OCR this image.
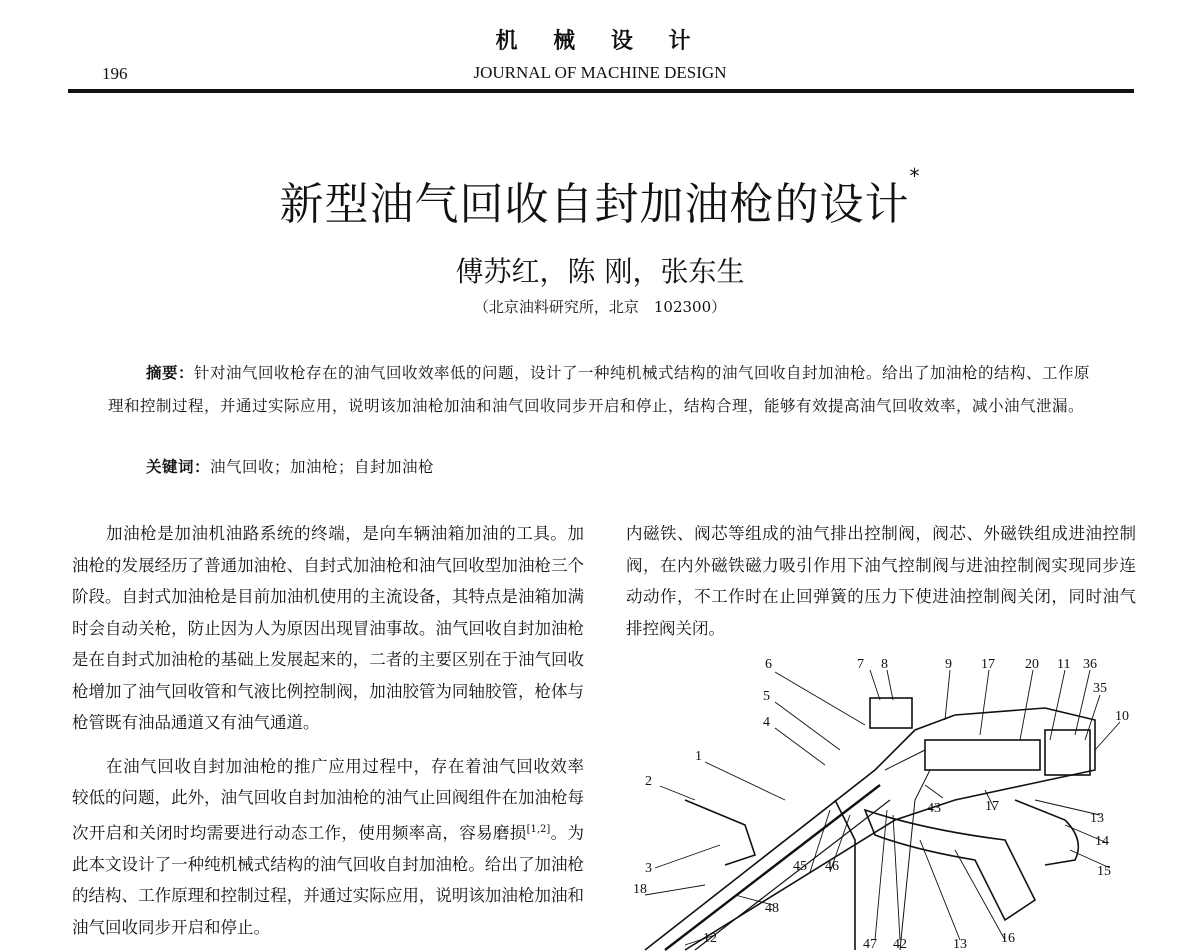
机 械 设 计
196	JOURNAL OF MACHINE DESIGN
新型油气回收自封加油枪的设计*
傅苏红，陈 刚，张东生
（北京油料研究所，北京　102300）
摘要：针对油气回收枪存在的油气回收效率低的问题，设计了一种纯机械式结构的油气回收自封加油枪。给出了加油枪的结构、工作原理和控制过程，并通过实际应用，说明该加油枪加油和油气回收同步开启和停止，结构合理，能够有效提高油气回收效率，减小油气泄漏。
关键词：油气回收；加油枪；自封加油枪

加油枪是加油机油路系统的终端，是向车辆油箱加油的工具。加油枪的发展经历了普通加油枪、自封式加油枪和油气回收型加油枪三个阶段。自封式加油枪是目前加油机使用的主流设备，其特点是油箱加满时会自动关枪，防止因为人为原因出现冒油事故。油气回收自封加油枪是在自封式加油枪的基础上发展起来的，二者的主要区别在于油气回收枪增加了油气回收管和气液比例控制阀，加油胶管为同轴胶管，枪体与枪管既有油品通道又有油气通道。

在油气回收自封加油枪的推广应用过程中，存在着油气回收效率较低的问题，此外，油气回收自封加油枪的油气止回阀组件在加油枪每次开启和关闭时均需要进行动态工作，使用频率高，容易磨损[1,2]。为此本文设计了一种纯机械式结构的油气回收自封加油枪。给出了加油枪的结构、工作原理和控制过程，并通过实际应用，说明该加油枪加油和油气回收同步开启和停止。

内磁铁、阀芯等组成的油气排出控制阀，阀芯、外磁铁组成进油控制阀，在内外磁铁磁力吸引作用下油气控制阀与进油控制阀实现同步连动动作，不工作时在止回弹簧的压力下使进油控制阀关闭，同时油气排控阀关闭。

6	7 8	9 17 20 11 36
5
35
4	10
1
2
43	17
13
14
45 46	15
3
18
48
12	47 42	13 16
